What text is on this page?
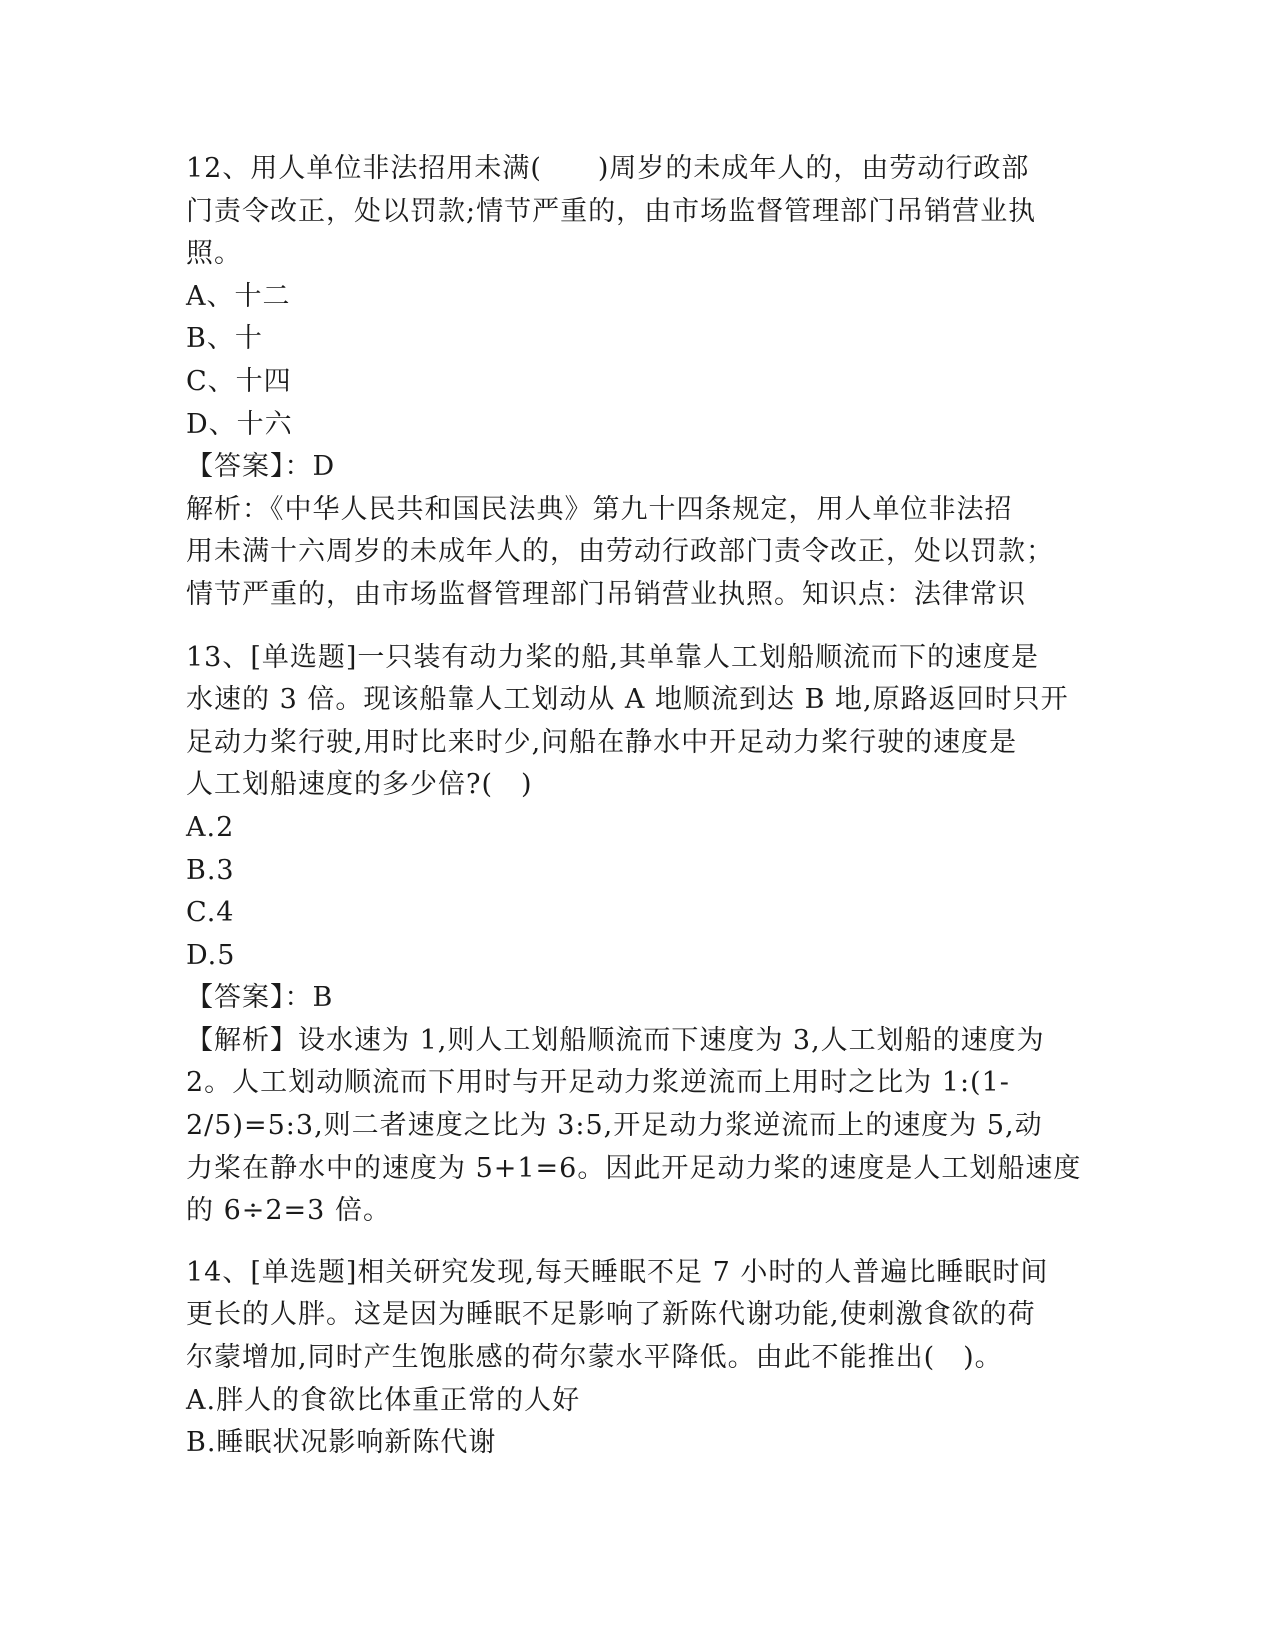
12、用人单位非法招用未满(　　)周岁的未成年人的，由劳动行政部
门责令改正，处以罚款;情节严重的，由市场监督管理部门吊销营业执
照。
A、十二
B、十
C、十四
D、十六
【答案】：D
解析：《中华人民共和国民法典》第九十四条规定，用人单位非法招
用未满十六周岁的未成年人的，由劳动行政部门责令改正，处以罚款；
情节严重的，由市场监督管理部门吊销营业执照。知识点：法律常识
13、[单选题]一只装有动力桨的船,其单靠人工划船顺流而下的速度是
水速的 3 倍。现该船靠人工划动从 A 地顺流到达 B 地,原路返回时只开
足动力桨行驶,用时比来时少,问船在静水中开足动力桨行驶的速度是
人工划船速度的多少倍?(　)
A.2
B.3
C.4
D.5
【答案】：B
【解析】设水速为 1,则人工划船顺流而下速度为 3,人工划船的速度为
2。人工划动顺流而下用时与开足动力浆逆流而上用时之比为 1:(1-
2/5)=5:3,则二者速度之比为 3:5,开足动力浆逆流而上的速度为 5,动
力桨在静水中的速度为 5+1=6。因此开足动力桨的速度是人工划船速度
的 6÷2=3 倍。
14、[单选题]相关研究发现,每天睡眠不足 7 小时的人普遍比睡眠时间
更长的人胖。这是因为睡眠不足影响了新陈代谢功能,使刺激食欲的荷
尔蒙增加,同时产生饱胀感的荷尔蒙水平降低。由此不能推出(　)。
A.胖人的食欲比体重正常的人好
B.睡眠状况影响新陈代谢
